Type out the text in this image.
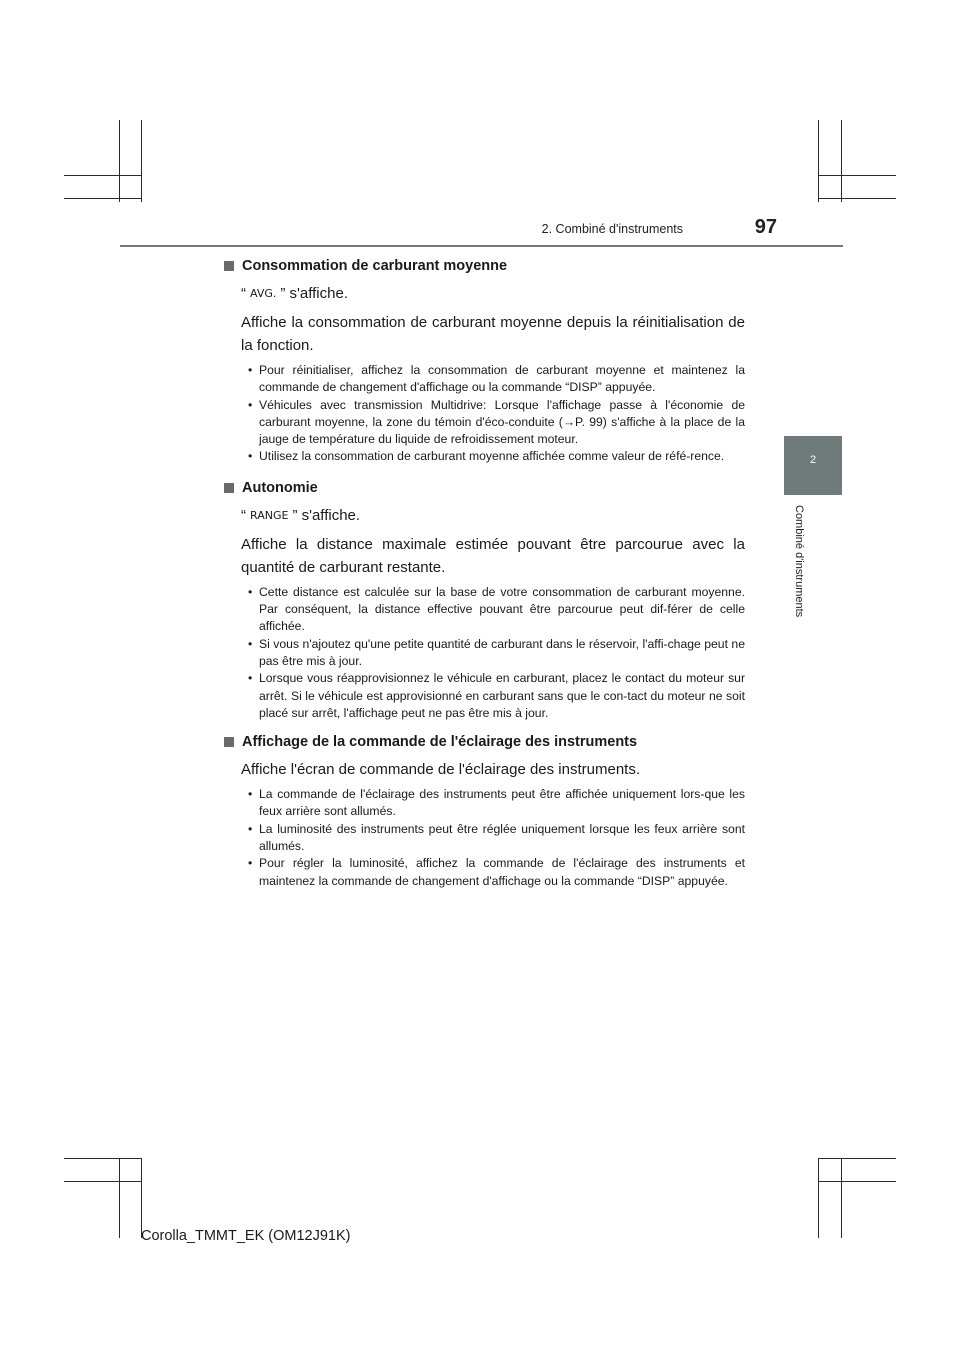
2. Combiné d'instruments	97
2
Combiné d'instruments
Consommation de carburant moyenne
“ AVG. ” s'affiche.
Affiche la consommation de carburant moyenne depuis la réinitialisation de la fonction.
• Pour réinitialiser, affichez la consommation de carburant moyenne et maintenez la commande de changement d'affichage ou la commande “DISP” appuyée.
• Véhicules avec transmission Multidrive: Lorsque l'affichage passe à l'économie de carburant moyenne, la zone du témoin d'éco-conduite (→P. 99) s'affiche à la place de la jauge de température du liquide de refroidissement moteur.
• Utilisez la consommation de carburant moyenne affichée comme valeur de réfé-rence.
Autonomie
“ RANGE ” s'affiche.
Affiche la distance maximale estimée pouvant être parcourue avec la quantité de carburant restante.
• Cette distance est calculée sur la base de votre consommation de carburant moyenne. Par conséquent, la distance effective pouvant être parcourue peut dif-férer de celle affichée.
• Si vous n'ajoutez qu'une petite quantité de carburant dans le réservoir, l'affi-chage peut ne pas être mis à jour.
• Lorsque vous réapprovisionnez le véhicule en carburant, placez le contact du moteur sur arrêt. Si le véhicule est approvisionné en carburant sans que le con-tact du moteur ne soit placé sur arrêt, l'affichage peut ne pas être mis à jour.
Affichage de la commande de l'éclairage des instruments
Affiche l'écran de commande de l'éclairage des instruments.
• La commande de l'éclairage des instruments peut être affichée uniquement lors-que les feux arrière sont allumés.
• La luminosité des instruments peut être réglée uniquement lorsque les feux arrière sont allumés.
• Pour régler la luminosité, affichez la commande de l'éclairage des instruments et maintenez la commande de changement d'affichage ou la commande “DISP” appuyée.
Corolla_TMMT_EK (OM12J91K)
